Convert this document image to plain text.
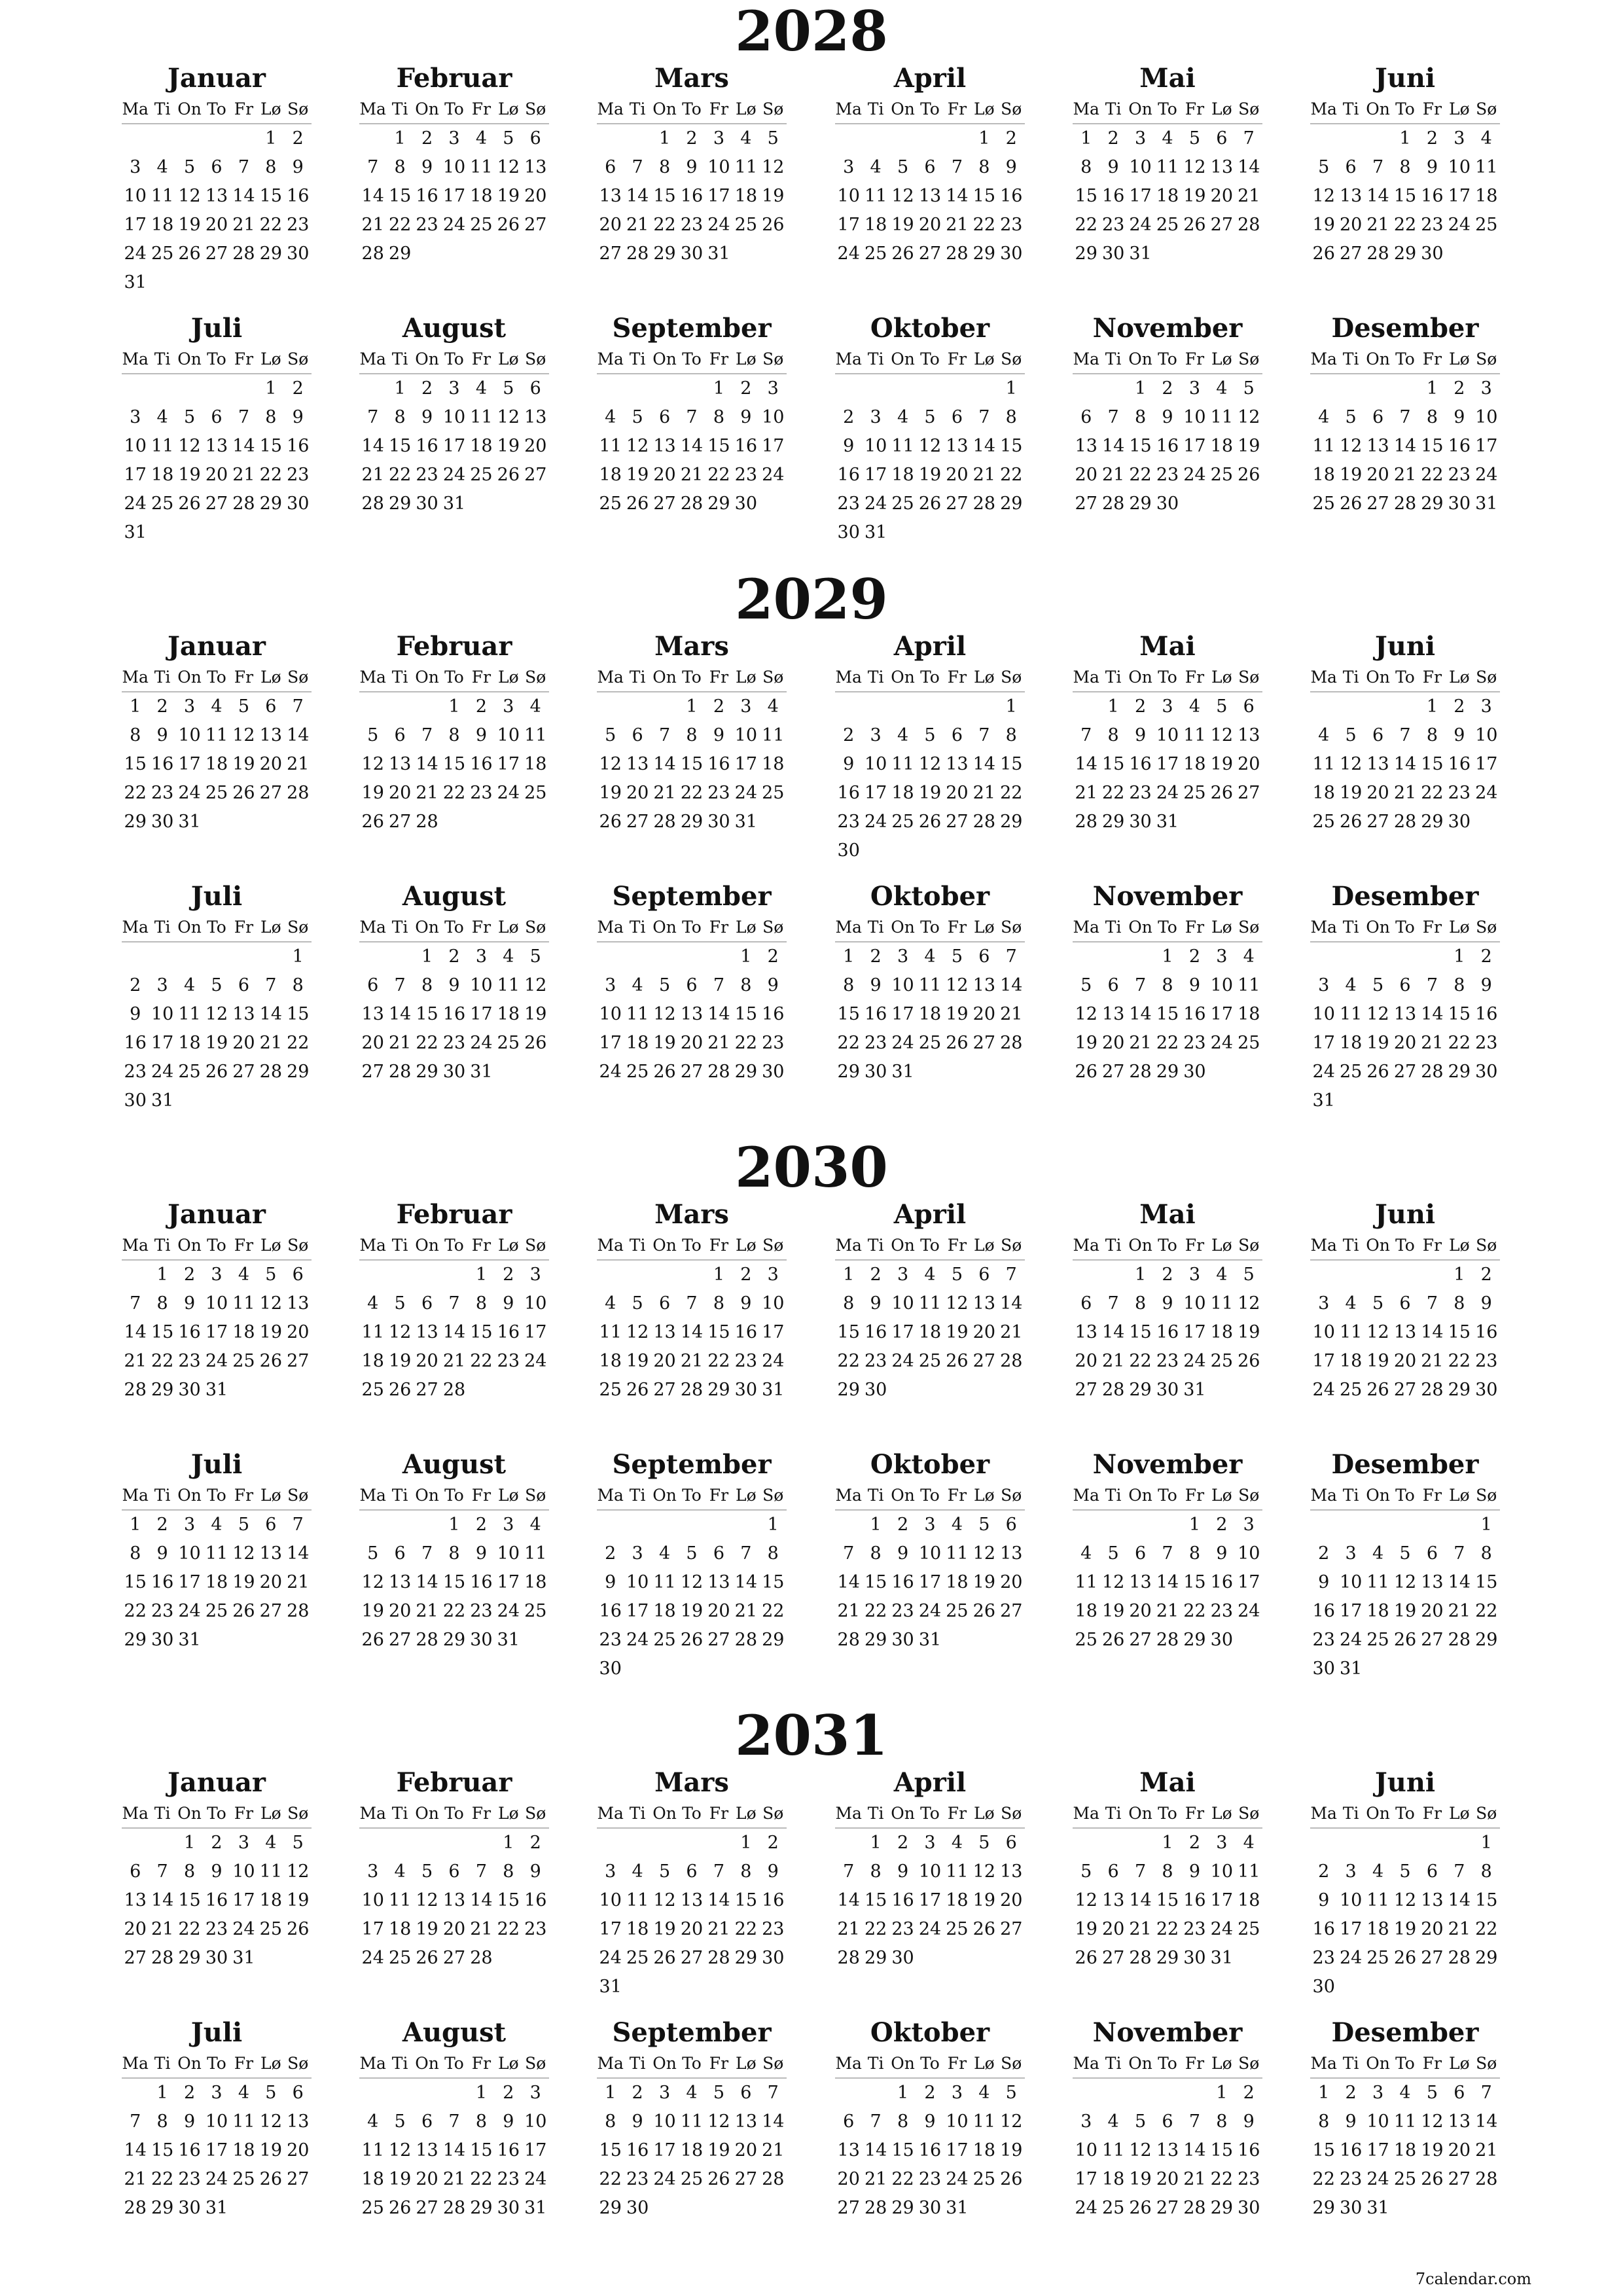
2028
Januar
Ma Ti On To Fr Lø Sø
1 2
3 4 5 6 7 8 9
10 11 12 13 14 15 16
17 18 19 20 21 22 23
24 25 26 27 28 29 30
31
Februar
Ma Ti On To Fr Lø Sø
1 2 3 4 5 6
7 8 9 10 11 12 13
14 15 16 17 18 19 20
21 22 23 24 25 26 27
28 29
Mars
Ma Ti On To Fr Lø Sø
1 2 3 4 5
6 7 8 9 10 11 12
13 14 15 16 17 18 19
20 21 22 23 24 25 26
27 28 29 30 31
April
Ma Ti On To Fr Lø Sø
1 2
3 4 5 6 7 8 9
10 11 12 13 14 15 16
17 18 19 20 21 22 23
24 25 26 27 28 29 30
Mai
Ma Ti On To Fr Lø Sø
1 2 3 4 5 6 7
8 9 10 11 12 13 14
15 16 17 18 19 20 21
22 23 24 25 26 27 28
29 30 31
Juni
Ma Ti On To Fr Lø Sø
1 2 3 4
5 6 7 8 9 10 11
12 13 14 15 16 17 18
19 20 21 22 23 24 25
26 27 28 29 30
Juli
Ma Ti On To Fr Lø Sø
1 2
3 4 5 6 7 8 9
10 11 12 13 14 15 16
17 18 19 20 21 22 23
24 25 26 27 28 29 30
31
August
Ma Ti On To Fr Lø Sø
1 2 3 4 5 6
7 8 9 10 11 12 13
14 15 16 17 18 19 20
21 22 23 24 25 26 27
28 29 30 31
September
Ma Ti On To Fr Lø Sø
1 2 3
4 5 6 7 8 9 10
11 12 13 14 15 16 17
18 19 20 21 22 23 24
25 26 27 28 29 30
Oktober
Ma Ti On To Fr Lø Sø
1
2 3 4 5 6 7 8
9 10 11 12 13 14 15
16 17 18 19 20 21 22
23 24 25 26 27 28 29
30 31
November
Ma Ti On To Fr Lø Sø
1 2 3 4 5
6 7 8 9 10 11 12
13 14 15 16 17 18 19
20 21 22 23 24 25 26
27 28 29 30
Desember
Ma Ti On To Fr Lø Sø
1 2 3
4 5 6 7 8 9 10
11 12 13 14 15 16 17
18 19 20 21 22 23 24
25 26 27 28 29 30 31
2029
Januar
Ma Ti On To Fr Lø Sø
1 2 3 4 5 6 7
8 9 10 11 12 13 14
15 16 17 18 19 20 21
22 23 24 25 26 27 28
29 30 31
Februar
Ma Ti On To Fr Lø Sø
1 2 3 4
5 6 7 8 9 10 11
12 13 14 15 16 17 18
19 20 21 22 23 24 25
26 27 28
Mars
Ma Ti On To Fr Lø Sø
1 2 3 4
5 6 7 8 9 10 11
12 13 14 15 16 17 18
19 20 21 22 23 24 25
26 27 28 29 30 31
April
Ma Ti On To Fr Lø Sø
1
2 3 4 5 6 7 8
9 10 11 12 13 14 15
16 17 18 19 20 21 22
23 24 25 26 27 28 29
30
Mai
Ma Ti On To Fr Lø Sø
1 2 3 4 5 6
7 8 9 10 11 12 13
14 15 16 17 18 19 20
21 22 23 24 25 26 27
28 29 30 31
Juni
Ma Ti On To Fr Lø Sø
1 2 3
4 5 6 7 8 9 10
11 12 13 14 15 16 17
18 19 20 21 22 23 24
25 26 27 28 29 30
Juli
Ma Ti On To Fr Lø Sø
1
2 3 4 5 6 7 8
9 10 11 12 13 14 15
16 17 18 19 20 21 22
23 24 25 26 27 28 29
30 31
August
Ma Ti On To Fr Lø Sø
1 2 3 4 5
6 7 8 9 10 11 12
13 14 15 16 17 18 19
20 21 22 23 24 25 26
27 28 29 30 31
September
Ma Ti On To Fr Lø Sø
1 2
3 4 5 6 7 8 9
10 11 12 13 14 15 16
17 18 19 20 21 22 23
24 25 26 27 28 29 30
Oktober
Ma Ti On To Fr Lø Sø
1 2 3 4 5 6 7
8 9 10 11 12 13 14
15 16 17 18 19 20 21
22 23 24 25 26 27 28
29 30 31
November
Ma Ti On To Fr Lø Sø
1 2 3 4
5 6 7 8 9 10 11
12 13 14 15 16 17 18
19 20 21 22 23 24 25
26 27 28 29 30
Desember
Ma Ti On To Fr Lø Sø
1 2
3 4 5 6 7 8 9
10 11 12 13 14 15 16
17 18 19 20 21 22 23
24 25 26 27 28 29 30
31
2030
Januar
Ma Ti On To Fr Lø Sø
1 2 3 4 5 6
7 8 9 10 11 12 13
14 15 16 17 18 19 20
21 22 23 24 25 26 27
28 29 30 31
Februar
Ma Ti On To Fr Lø Sø
1 2 3
4 5 6 7 8 9 10
11 12 13 14 15 16 17
18 19 20 21 22 23 24
25 26 27 28
Mars
Ma Ti On To Fr Lø Sø
1 2 3
4 5 6 7 8 9 10
11 12 13 14 15 16 17
18 19 20 21 22 23 24
25 26 27 28 29 30 31
April
Ma Ti On To Fr Lø Sø
1 2 3 4 5 6 7
8 9 10 11 12 13 14
15 16 17 18 19 20 21
22 23 24 25 26 27 28
29 30
Mai
Ma Ti On To Fr Lø Sø
1 2 3 4 5
6 7 8 9 10 11 12
13 14 15 16 17 18 19
20 21 22 23 24 25 26
27 28 29 30 31
Juni
Ma Ti On To Fr Lø Sø
1 2
3 4 5 6 7 8 9
10 11 12 13 14 15 16
17 18 19 20 21 22 23
24 25 26 27 28 29 30
Juli
Ma Ti On To Fr Lø Sø
1 2 3 4 5 6 7
8 9 10 11 12 13 14
15 16 17 18 19 20 21
22 23 24 25 26 27 28
29 30 31
August
Ma Ti On To Fr Lø Sø
1 2 3 4
5 6 7 8 9 10 11
12 13 14 15 16 17 18
19 20 21 22 23 24 25
26 27 28 29 30 31
September
Ma Ti On To Fr Lø Sø
1
2 3 4 5 6 7 8
9 10 11 12 13 14 15
16 17 18 19 20 21 22
23 24 25 26 27 28 29
30
Oktober
Ma Ti On To Fr Lø Sø
1 2 3 4 5 6
7 8 9 10 11 12 13
14 15 16 17 18 19 20
21 22 23 24 25 26 27
28 29 30 31
November
Ma Ti On To Fr Lø Sø
1 2 3
4 5 6 7 8 9 10
11 12 13 14 15 16 17
18 19 20 21 22 23 24
25 26 27 28 29 30
Desember
Ma Ti On To Fr Lø Sø
1
2 3 4 5 6 7 8
9 10 11 12 13 14 15
16 17 18 19 20 21 22
23 24 25 26 27 28 29
30 31
2031
Januar
Ma Ti On To Fr Lø Sø
1 2 3 4 5
6 7 8 9 10 11 12
13 14 15 16 17 18 19
20 21 22 23 24 25 26
27 28 29 30 31
Februar
Ma Ti On To Fr Lø Sø
1 2
3 4 5 6 7 8 9
10 11 12 13 14 15 16
17 18 19 20 21 22 23
24 25 26 27 28
Mars
Ma Ti On To Fr Lø Sø
1 2
3 4 5 6 7 8 9
10 11 12 13 14 15 16
17 18 19 20 21 22 23
24 25 26 27 28 29 30
31
April
Ma Ti On To Fr Lø Sø
1 2 3 4 5 6
7 8 9 10 11 12 13
14 15 16 17 18 19 20
21 22 23 24 25 26 27
28 29 30
Mai
Ma Ti On To Fr Lø Sø
1 2 3 4
5 6 7 8 9 10 11
12 13 14 15 16 17 18
19 20 21 22 23 24 25
26 27 28 29 30 31
Juni
Ma Ti On To Fr Lø Sø
1
2 3 4 5 6 7 8
9 10 11 12 13 14 15
16 17 18 19 20 21 22
23 24 25 26 27 28 29
30
Juli
Ma Ti On To Fr Lø Sø
1 2 3 4 5 6
7 8 9 10 11 12 13
14 15 16 17 18 19 20
21 22 23 24 25 26 27
28 29 30 31
August
Ma Ti On To Fr Lø Sø
1 2 3
4 5 6 7 8 9 10
11 12 13 14 15 16 17
18 19 20 21 22 23 24
25 26 27 28 29 30 31
September
Ma Ti On To Fr Lø Sø
1 2 3 4 5 6 7
8 9 10 11 12 13 14
15 16 17 18 19 20 21
22 23 24 25 26 27 28
29 30
Oktober
Ma Ti On To Fr Lø Sø
1 2 3 4 5
6 7 8 9 10 11 12
13 14 15 16 17 18 19
20 21 22 23 24 25 26
27 28 29 30 31
November
Ma Ti On To Fr Lø Sø
1 2
3 4 5 6 7 8 9
10 11 12 13 14 15 16
17 18 19 20 21 22 23
24 25 26 27 28 29 30
Desember
Ma Ti On To Fr Lø Sø
1 2 3 4 5 6 7
8 9 10 11 12 13 14
15 16 17 18 19 20 21
22 23 24 25 26 27 28
29 30 31
7calendar.com
